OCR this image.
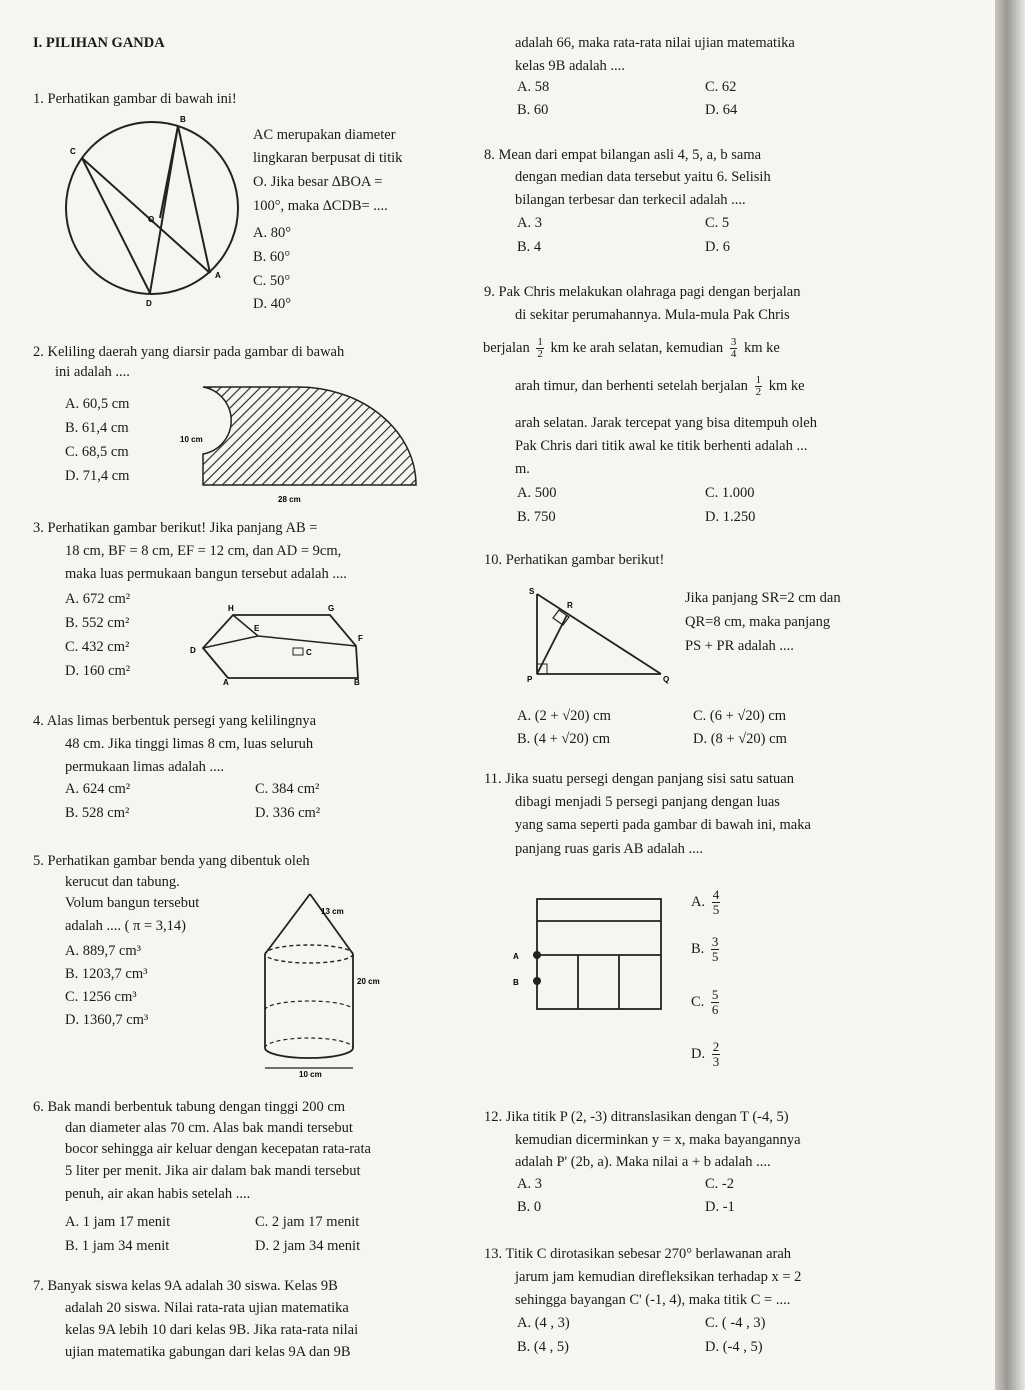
I. PILIHAN GANDA
1. Perhatikan gambar di bawah ini!
B
C
O
A
D
AC merupakan diameter
lingkaran berpusat di titik
O. Jika besar ∆BOA =
100°, maka ∆CDB= ....
A. 80°
B. 60°
C. 50°
D. 40°
2. Keliling daerah yang diarsir pada gambar di bawah
ini adalah ....
A. 60,5 cm
B. 61,4 cm
C. 68,5 cm
D. 71,4 cm
10 cm
28 cm
3. Perhatikan gambar berikut! Jika panjang AB =
18 cm, BF = 8 cm, EF = 12 cm, dan AD = 9cm,
maka luas permukaan bangun tersebut adalah ....
A. 672 cm²
B. 552 cm²
C. 432 cm²
D. 160 cm²
H	G
E
F
D	C
A	B
4. Alas limas berbentuk persegi yang kelilingnya
48 cm. Jika tinggi limas 8 cm, luas seluruh
permukaan limas adalah ....
A. 624 cm²	C. 384 cm²
B. 528 cm²	D. 336 cm²
5. Perhatikan gambar benda yang dibentuk oleh
kerucut dan tabung.
Volum bangun tersebut
adalah .... ( π = 3,14)
A. 889,7 cm³
B. 1203,7 cm³
C. 1256 cm³
D. 1360,7 cm³
13 cm
20 cm
10 cm
6. Bak mandi berbentuk tabung dengan tinggi 200 cm
dan diameter alas 70 cm. Alas bak mandi tersebut
bocor sehingga air keluar dengan kecepatan rata-rata
5 liter per menit. Jika air dalam bak mandi tersebut
penuh, air akan habis setelah ....
A. 1 jam 17 menit	C. 2 jam 17 menit
B. 1 jam 34 menit	D. 2 jam 34 menit
7. Banyak siswa kelas 9A adalah 30 siswa. Kelas 9B
adalah 20 siswa. Nilai rata-rata ujian matematika
kelas 9A lebih 10 dari kelas 9B. Jika rata-rata nilai
ujian matematika gabungan dari kelas 9A dan 9B
adalah 66, maka rata-rata nilai ujian matematika
kelas 9B adalah ....
A. 58	C. 62
B. 60	D. 64
8. Mean dari empat bilangan asli 4, 5, a, b sama
dengan median data tersebut yaitu 6. Selisih
bilangan terbesar dan terkecil adalah ....
A. 3	C. 5
B. 4	D. 6
9. Pak Chris melakukan olahraga pagi dengan berjalan
di sekitar perumahannya. Mula-mula Pak Chris
berjalan $\frac{1}{2}$ km ke arah selatan, kemudian $\frac{3}{4}$ km ke
arah timur, dan berhenti setelah berjalan $\frac{1}{2}$ km ke
arah selatan. Jarak tercepat yang bisa ditempuh oleh
Pak Chris dari titik awal ke titik berhenti adalah ...
m.
A. 500	C. 1.000
B. 750	D. 1.250
10. Perhatikan gambar berikut!
S
R
P	Q
Jika panjang SR=2 cm dan
QR=8 cm, maka panjang
PS + PR adalah ....
A. (2 + √20) cm	C. (6 + √20) cm
B. (4 + √20) cm	D. (8 + √20) cm
11. Jika suatu persegi dengan panjang sisi satu satuan
dibagi menjadi 5 persegi panjang dengan luas
yang sama seperti pada gambar di bawah ini, maka
panjang ruas garis AB adalah ....
A
B
A. $\frac{4}{5}$
B. $\frac{3}{5}$
C. $\frac{5}{6}$
D. $\frac{2}{3}$
12. Jika titik P (2, -3) ditranslasikan dengan T (-4, 5)
kemudian dicerminkan y = x, maka bayangannya
adalah P' (2b, a). Maka nilai a + b adalah ....
A. 3	C. -2
B. 0	D. -1
13. Titik C dirotasikan sebesar 270° berlawanan arah
jarum jam kemudian direfleksikan terhadap x = 2
sehingga bayangan C' (-1, 4), maka titik C = ....
A. (4 , 3)	C. ( -4 , 3)
B. (4 , 5)	D. (-4 , 5)
